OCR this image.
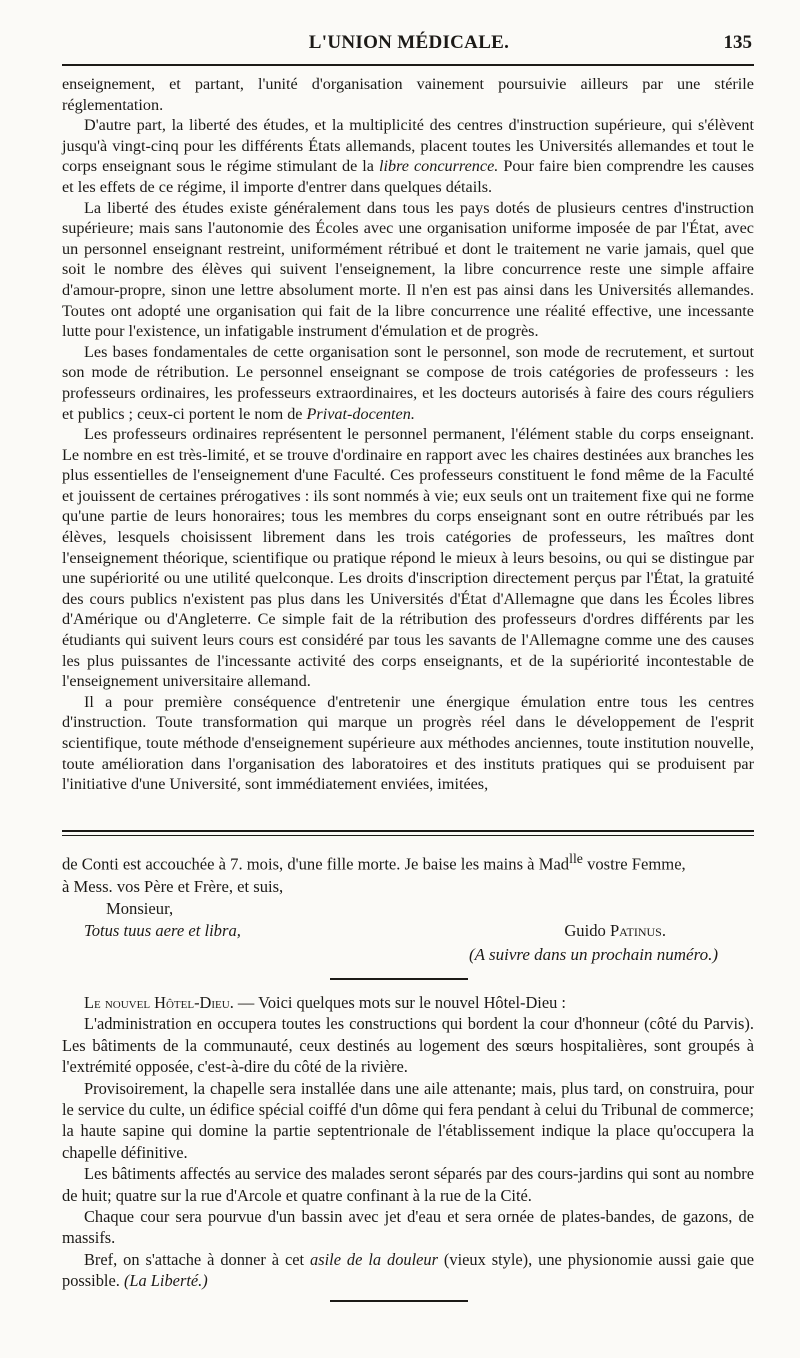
L'UNION MÉDICALE.	135

enseignement, et partant, l'unité d'organisation vainement poursuivie ailleurs par une stérile réglementation.

D'autre part, la liberté des études, et la multiplicité des centres d'instruction supérieure, qui s'élèvent jusqu'à vingt-cinq pour les différents États allemands, placent toutes les Universités allemandes et tout le corps enseignant sous le régime stimulant de la libre concurrence. Pour faire bien comprendre les causes et les effets de ce régime, il importe d'entrer dans quelques détails.

La liberté des études existe généralement dans tous les pays dotés de plusieurs centres d'instruction supérieure; mais sans l'autonomie des Écoles avec une organisation uniforme imposée de par l'État, avec un personnel enseignant restreint, uniformément rétribué et dont le traitement ne varie jamais, quel que soit le nombre des élèves qui suivent l'enseignement, la libre concurrence reste une simple affaire d'amour-propre, sinon une lettre absolument morte. Il n'en est pas ainsi dans les Universités allemandes. Toutes ont adopté une organisation qui fait de la libre concurrence une réalité effective, une incessante lutte pour l'existence, un infatigable instrument d'émulation et de progrès.

Les bases fondamentales de cette organisation sont le personnel, son mode de recrutement, et surtout son mode de rétribution. Le personnel enseignant se compose de trois catégories de professeurs : les professeurs ordinaires, les professeurs extraordinaires, et les docteurs autorisés à faire des cours réguliers et publics ; ceux-ci portent le nom de Privat-docenten.

Les professeurs ordinaires représentent le personnel permanent, l'élément stable du corps enseignant. Le nombre en est très-limité, et se trouve d'ordinaire en rapport avec les chaires destinées aux branches les plus essentielles de l'enseignement d'une Faculté. Ces professeurs constituent le fond même de la Faculté et jouissent de certaines prérogatives : ils sont nommés à vie; eux seuls ont un traitement fixe qui ne forme qu'une partie de leurs honoraires; tous les membres du corps enseignant sont en outre rétribués par les élèves, lesquels choisissent librement dans les trois catégories de professeurs, les maîtres dont l'enseignement théorique, scientifique ou pratique répond le mieux à leurs besoins, ou qui se distingue par une supériorité ou une utilité quelconque. Les droits d'inscription directement perçus par l'État, la gratuité des cours publics n'existent pas plus dans les Universités d'État d'Allemagne que dans les Écoles libres d'Amérique ou d'Angleterre. Ce simple fait de la rétribution des professeurs d'ordres différents par les étudiants qui suivent leurs cours est considéré par tous les savants de l'Allemagne comme une des causes les plus puissantes de l'incessante activité des corps enseignants, et de la supériorité incontestable de l'enseignement universitaire allemand.

Il a pour première conséquence d'entretenir une énergique émulation entre tous les centres d'instruction. Toute transformation qui marque un progrès réel dans le développement de l'esprit scientifique, toute méthode d'enseignement supérieure aux méthodes anciennes, toute institution nouvelle, toute amélioration dans l'organisation des laboratoires et des instituts pratiques qui se produisent par l'initiative d'une Université, sont immédiatement enviées, imitées,

de Conti est accouchée à 7. mois, d'une fille morte. Je baise les mains à Mad$^{lle}$ vostre Femme,
à Mess. vos Père et Frère, et suis,
Monsieur,
Totus tuus aere et libra,	Guido Patinus.
(A suivre dans un prochain numéro.)

Le nouvel Hôtel-Dieu. — Voici quelques mots sur le nouvel Hôtel-Dieu :

L'administration en occupera toutes les constructions qui bordent la cour d'honneur (côté du Parvis). Les bâtiments de la communauté, ceux destinés au logement des sœurs hospitalières, sont groupés à l'extrémité opposée, c'est-à-dire du côté de la rivière.

Provisoirement, la chapelle sera installée dans une aile attenante; mais, plus tard, on construira, pour le service du culte, un édifice spécial coiffé d'un dôme qui fera pendant à celui du Tribunal de commerce; la haute sapine qui domine la partie septentrionale de l'établissement indique la place qu'occupera la chapelle définitive.

Les bâtiments affectés au service des malades seront séparés par des cours-jardins qui sont au nombre de huit; quatre sur la rue d'Arcole et quatre confinant à la rue de la Cité.

Chaque cour sera pourvue d'un bassin avec jet d'eau et sera ornée de plates-bandes, de gazons, de massifs.

Bref, on s'attache à donner à cet asile de la douleur (vieux style), une physionomie aussi gaie que possible. (La Liberté.)
